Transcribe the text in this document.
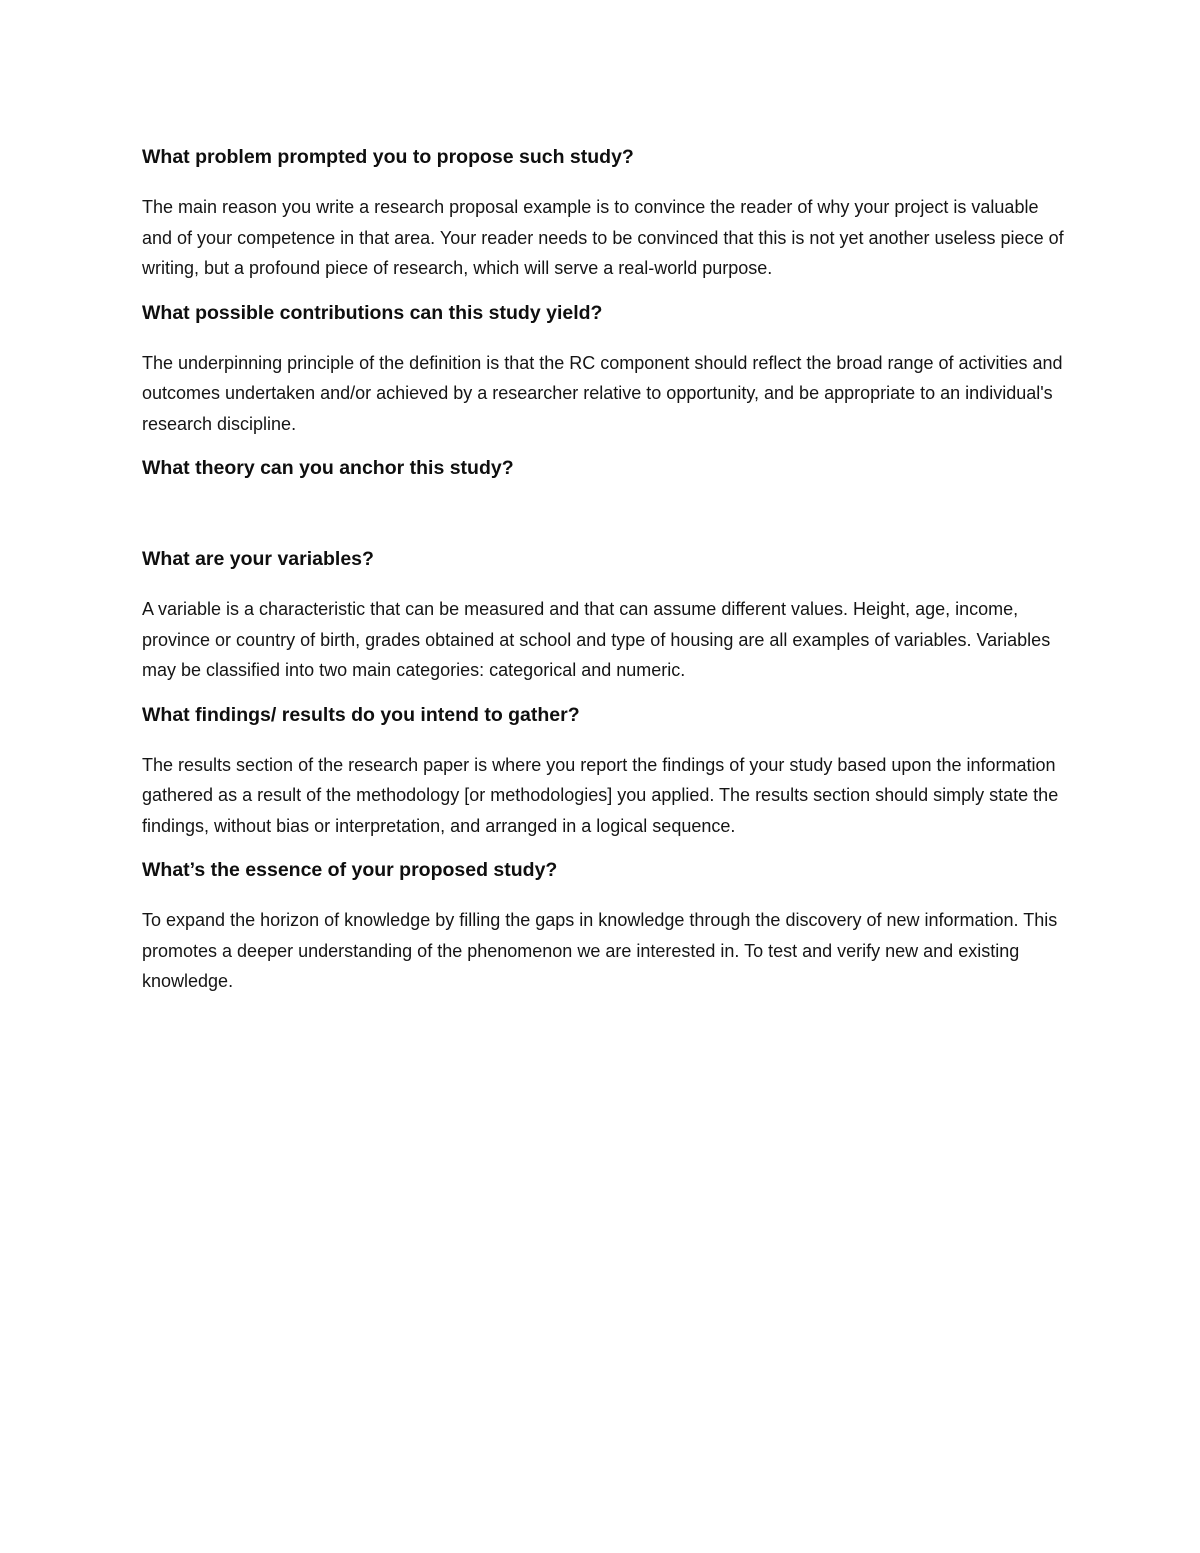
What problem prompted you to propose such study?

The main reason you write a research proposal example is to convince the reader of why your project is valuable and of your competence in that area. Your reader needs to be convinced that this is not yet another useless piece of writing, but a profound piece of research, which will serve a real-world purpose.

What possible contributions can this study yield?

The underpinning principle of the definition is that the RC component should reflect the broad range of activities and outcomes undertaken and/or achieved by a researcher relative to opportunity, and be appropriate to an individual's research discipline.

What theory can you anchor this study?

What are your variables?

A variable is a characteristic that can be measured and that can assume different values. Height, age, income, province or country of birth, grades obtained at school and type of housing are all examples of variables. Variables may be classified into two main categories: categorical and numeric.

What findings/ results do you intend to gather?

The results section of the research paper is where you report the findings of your study based upon the information gathered as a result of the methodology [or methodologies] you applied. The results section should simply state the findings, without bias or interpretation, and arranged in a logical sequence.

What’s the essence of your proposed study?

To expand the horizon of knowledge by filling the gaps in knowledge through the discovery of new information. This promotes a deeper understanding of the phenomenon we are interested in. To test and verify new and existing knowledge.
